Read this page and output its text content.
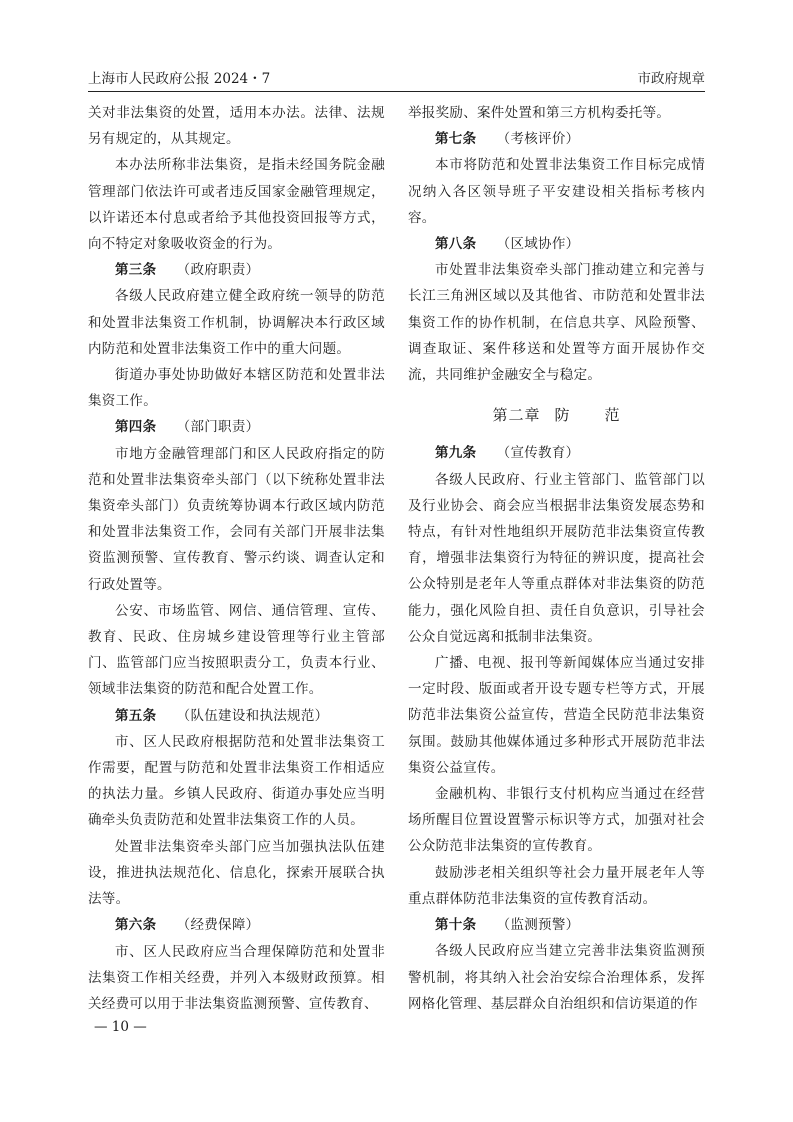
上海市人民政府公报 2024・7	市政府规章

关对非法集资的处置，适用本办法。法律、法规另有规定的，从其规定。

本办法所称非法集资，是指未经国务院金融管理部门依法许可或者违反国家金融管理规定，以许诺还本付息或者给予其他投资回报等方式，向不特定对象吸收资金的行为。

第三条 （政府职责）

各级人民政府建立健全政府统一领导的防范和处置非法集资工作机制，协调解决本行政区域内防范和处置非法集资工作中的重大问题。

街道办事处协助做好本辖区防范和处置非法集资工作。

第四条 （部门职责）

市地方金融管理部门和区人民政府指定的防范和处置非法集资牵头部门（以下统称处置非法集资牵头部门）负责统筹协调本行政区域内防范和处置非法集资工作，会同有关部门开展非法集资监测预警、宣传教育、警示约谈、调查认定和行政处置等。

公安、市场监管、网信、通信管理、宣传、教育、民政、住房城乡建设管理等行业主管部门、监管部门应当按照职责分工，负责本行业、领域非法集资的防范和配合处置工作。

第五条 （队伍建设和执法规范）

市、区人民政府根据防范和处置非法集资工作需要，配置与防范和处置非法集资工作相适应的执法力量。乡镇人民政府、街道办事处应当明确牵头负责防范和处置非法集资工作的人员。

处置非法集资牵头部门应当加强执法队伍建设，推进执法规范化、信息化，探索开展联合执法等。

第六条 （经费保障）

市、区人民政府应当合理保障防范和处置非法集资工作相关经费，并列入本级财政预算。相关经费可以用于非法集资监测预警、宣传教育、

举报奖励、案件处置和第三方机构委托等。

第七条 （考核评价）

本市将防范和处置非法集资工作目标完成情况纳入各区领导班子平安建设相关指标考核内容。

第八条 （区域协作）

市处置非法集资牵头部门推动建立和完善与长江三角洲区域以及其他省、市防范和处置非法集资工作的协作机制，在信息共享、风险预警、调查取证、案件移送和处置等方面开展协作交流，共同维护金融安全与稳定。

第二章 防 范

第九条 （宣传教育）

各级人民政府、行业主管部门、监管部门以及行业协会、商会应当根据非法集资发展态势和特点，有针对性地组织开展防范非法集资宣传教育，增强非法集资行为特征的辨识度，提高社会公众特别是老年人等重点群体对非法集资的防范能力，强化风险自担、责任自负意识，引导社会公众自觉远离和抵制非法集资。

广播、电视、报刊等新闻媒体应当通过安排一定时段、版面或者开设专题专栏等方式，开展防范非法集资公益宣传，营造全民防范非法集资氛围。鼓励其他媒体通过多种形式开展防范非法集资公益宣传。

金融机构、非银行支付机构应当通过在经营场所醒目位置设置警示标识等方式，加强对社会公众防范非法集资的宣传教育。

鼓励涉老相关组织等社会力量开展老年人等重点群体防范非法集资的宣传教育活动。

第十条 （监测预警）

各级人民政府应当建立完善非法集资监测预警机制，将其纳入社会治安综合治理体系，发挥网格化管理、基层群众自治组织和信访渠道的作

— 10 —
